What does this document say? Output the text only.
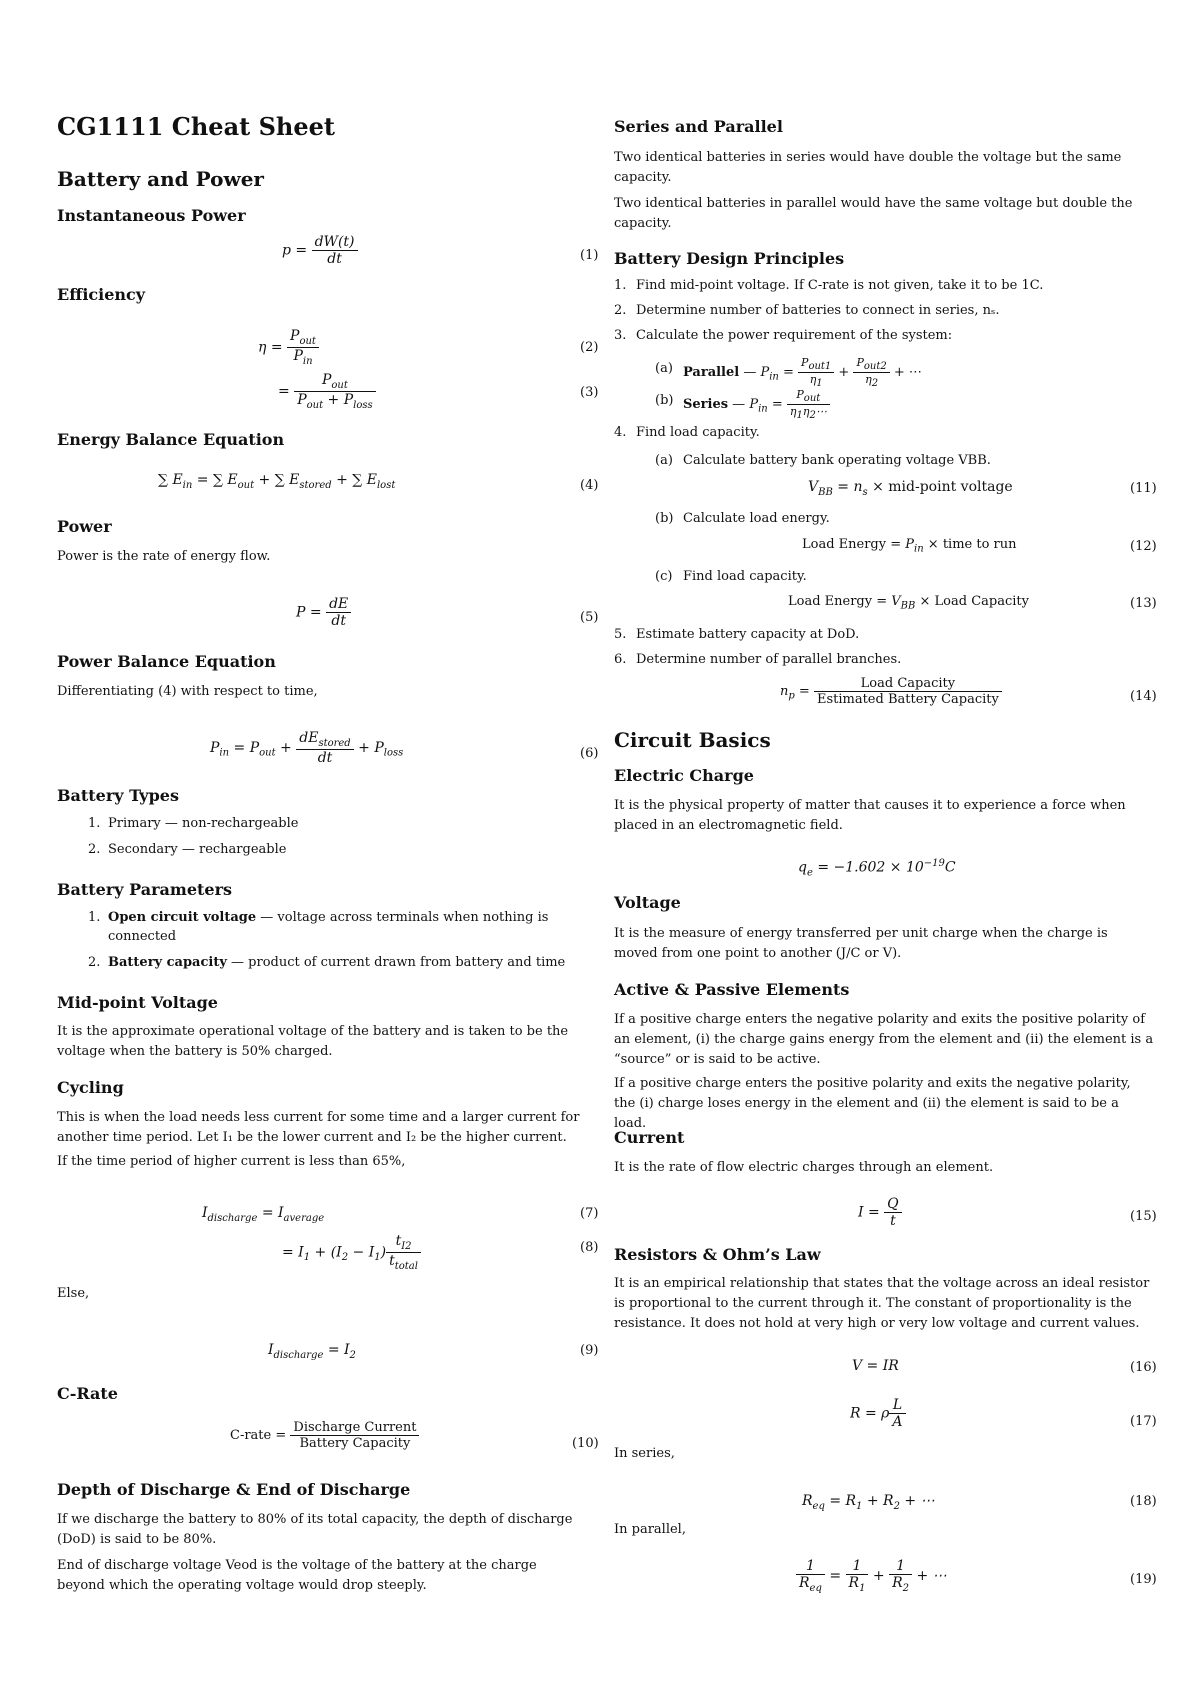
CG1111 Cheat Sheet
Battery and Power
Instantaneous Power
$p = \frac{dW(t)}{dt}$	(1)
Efficiency
$\eta = \frac{P_{out}}{P_{in}}$	(2)
= $\frac{P_{out}}{P_{out} + P_{loss}}$	(3)
Energy Balance Equation
∑ $E_{in}$ = ∑ $E_{out}$ + ∑ $E_{stored}$ + ∑ $E_{lost}$	(4)
Power
Power is the rate of energy flow.
$P = \frac{dE}{dt}$	(5)
Power Balance Equation
Differentiating (4) with respect to time,
$P_{in} = P_{out} + \frac{dE_{stored}}{dt} + P_{loss}$	(6)
Battery Types
1. Primary — non-rechargeable
2. Secondary — rechargeable
Battery Parameters
1. Open circuit voltage — voltage across terminals when nothing is
connected
2. Battery capacity — product of current drawn from battery and time
Mid-point Voltage
It is the approximate operational voltage of the battery and is taken to be the voltage when the battery is 50% charged.
Cycling
This is when the load needs less current for some time and a larger current for another time period. Let I₁ be the lower current and I₂ be the higher current.
If the time period of higher current is less than 65%,
$I_{discharge} = I_{average}$	(7)
= $I_1 + (I_2 - I_1) \frac{t_{I2}}{t_{total}}$	(8)
Else,
$I_{discharge} = I_2$	(9)
C-Rate
C-rate = $\frac{\text{Discharge Current}}{\text{Battery Capacity}}$	(10)
Depth of Discharge & End of Discharge
If we discharge the battery to 80% of its total capacity, the depth of discharge (DoD) is said to be 80%.
End of discharge voltage Veod is the voltage of the battery at the charge beyond which the operating voltage would drop steeply.
Series and Parallel
Two identical batteries in series would have double the voltage but the same capacity.
Two identical batteries in parallel would have the same voltage but double the capacity.
Battery Design Principles
1. Find mid-point voltage. If C-rate is not given, take it to be 1C.
2. Determine number of batteries to connect in series, nₛ.
3. Calculate the power requirement of the system:
(a) Parallel — $P_{in} = \frac{P_{out1}}{\eta_1} + \frac{P_{out2}}{\eta_2}$ + ⋯
(b) Series — $P_{in} = \frac{P_{out}}{\eta_1\eta_2\cdots}$
4. Find load capacity.
(a) Calculate battery bank operating voltage VBB.
$V_{BB} = n_s$ × mid-point voltage	(11)
(b) Calculate load energy.
Load Energy = $P_{in}$ × time to run	(12)
(c) Find load capacity.
Load Energy = $V_{BB}$ × Load Capacity	(13)
5. Estimate battery capacity at DoD.
6. Determine number of parallel branches.
$n_p = \frac{\text{Load Capacity}}{\text{Estimated Battery Capacity}}$	(14)
Circuit Basics
Electric Charge
It is the physical property of matter that causes it to experience a force when placed in an electromagnetic field.
$q_e = -1.602 \times 10^{-19}C$
Voltage
It is the measure of energy transferred per unit charge when the charge is moved from one point to another (J/C or V).
Active & Passive Elements
If a positive charge enters the negative polarity and exits the positive polarity of an element, (i) the charge gains energy from the element and (ii) the element is a “source” or is said to be active.
If a positive charge enters the positive polarity and exits the negative polarity, the (i) charge loses energy in the element and (ii) the element is said to be a load.
Current
It is the rate of flow electric charges through an element.
$I = \frac{Q}{t}$	(15)
Resistors & Ohm’s Law
It is an empirical relationship that states that the voltage across an ideal resistor is proportional to the current through it. The constant of proportionality is the resistance. It does not hold at very high or very low voltage and current values.
V = IR	(16)
R = ρ $\frac{L}{A}$	(17)
In series,
$R_{eq} = R_1 + R_2$ + ⋯	(18)
In parallel,
$\frac{1}{R_{eq}} = \frac{1}{R_1} + \frac{1}{R_2}$ + ⋯	(19)
